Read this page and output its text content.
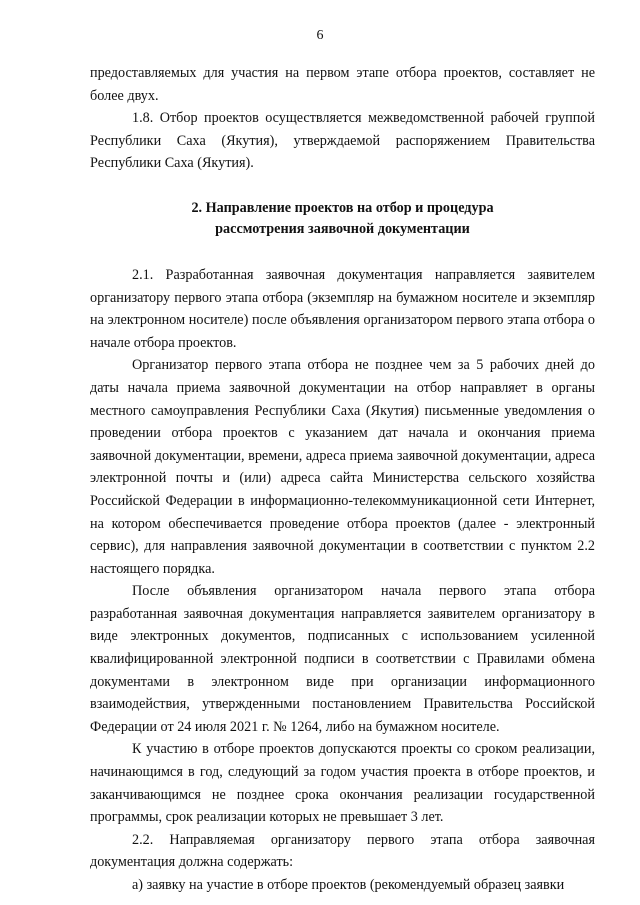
6

предоставляемых для участия на первом этапе отбора проектов, составляет не более двух.

1.8. Отбор проектов осуществляется межведомственной рабочей группой Республики Саха (Якутия), утверждаемой распоряжением Правительства Республики Саха (Якутия).

2. Направление проектов на отбор и процедура
рассмотрения заявочной документации

2.1. Разработанная заявочная документация направляется заявителем организатору первого этапа отбора (экземпляр на бумажном носителе и экземпляр на электронном носителе) после объявления организатором первого этапа отбора о начале отбора проектов.

Организатор первого этапа отбора не позднее чем за 5 рабочих дней до даты начала приема заявочной документации на отбор направляет в органы местного самоуправления Республики Саха (Якутия) письменные уведомления о проведении отбора проектов с указанием дат начала и окончания приема заявочной документации, времени, адреса приема заявочной документации, адреса электронной почты и (или) адреса сайта Министерства сельского хозяйства Российской Федерации в информационно-телекоммуникационной сети Интернет, на котором обеспечивается проведение отбора проектов (далее - электронный сервис), для направления заявочной документации в соответствии с пунктом 2.2 настоящего порядка.

После объявления организатором начала первого этапа отбора разработанная заявочная документация направляется заявителем организатору в виде электронных документов, подписанных с использованием усиленной квалифицированной электронной подписи в соответствии с Правилами обмена документами в электронном виде при организации информационного взаимодействия, утвержденными постановлением Правительства Российской Федерации от 24 июля 2021 г. № 1264, либо на бумажном носителе.

К участию в отборе проектов допускаются проекты со сроком реализации, начинающимся в год, следующий за годом участия проекта в отборе проектов, и заканчивающимся не позднее срока окончания реализации государственной программы, срок реализации которых не превышает 3 лет.

2.2. Направляемая организатору первого этапа отбора заявочная документация должна содержать:

а) заявку на участие в отборе проектов (рекомендуемый образец заявки
